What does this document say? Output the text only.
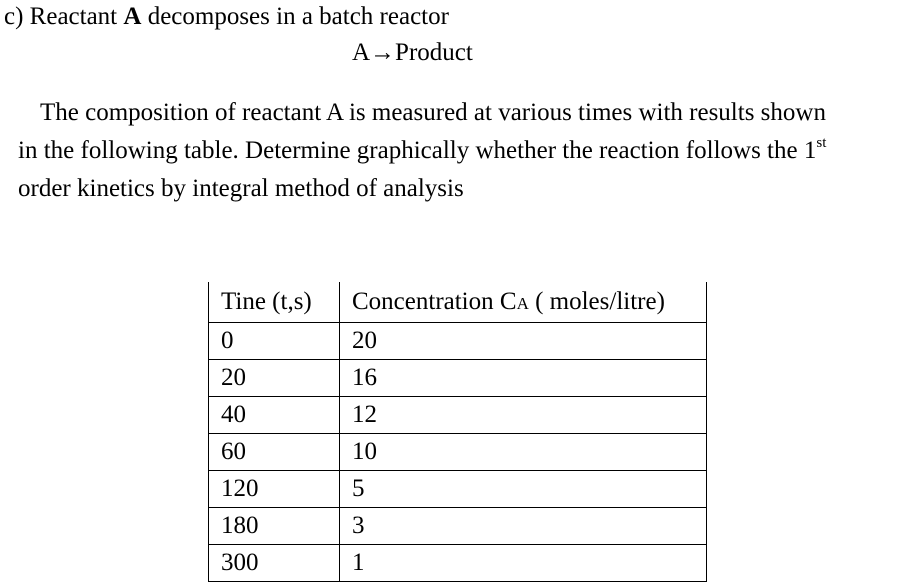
c) Reactant A decomposes in a batch reactor
A→Product
The composition of reactant A is measured at various times with results shown
in the following table. Determine graphically whether the reaction follows the 1st
order kinetics by integral method of analysis
Tine (t,s)	Concentration CA ( moles/litre)
0	20
20	16
40	12
60	10
120	5
180	3
300	1
